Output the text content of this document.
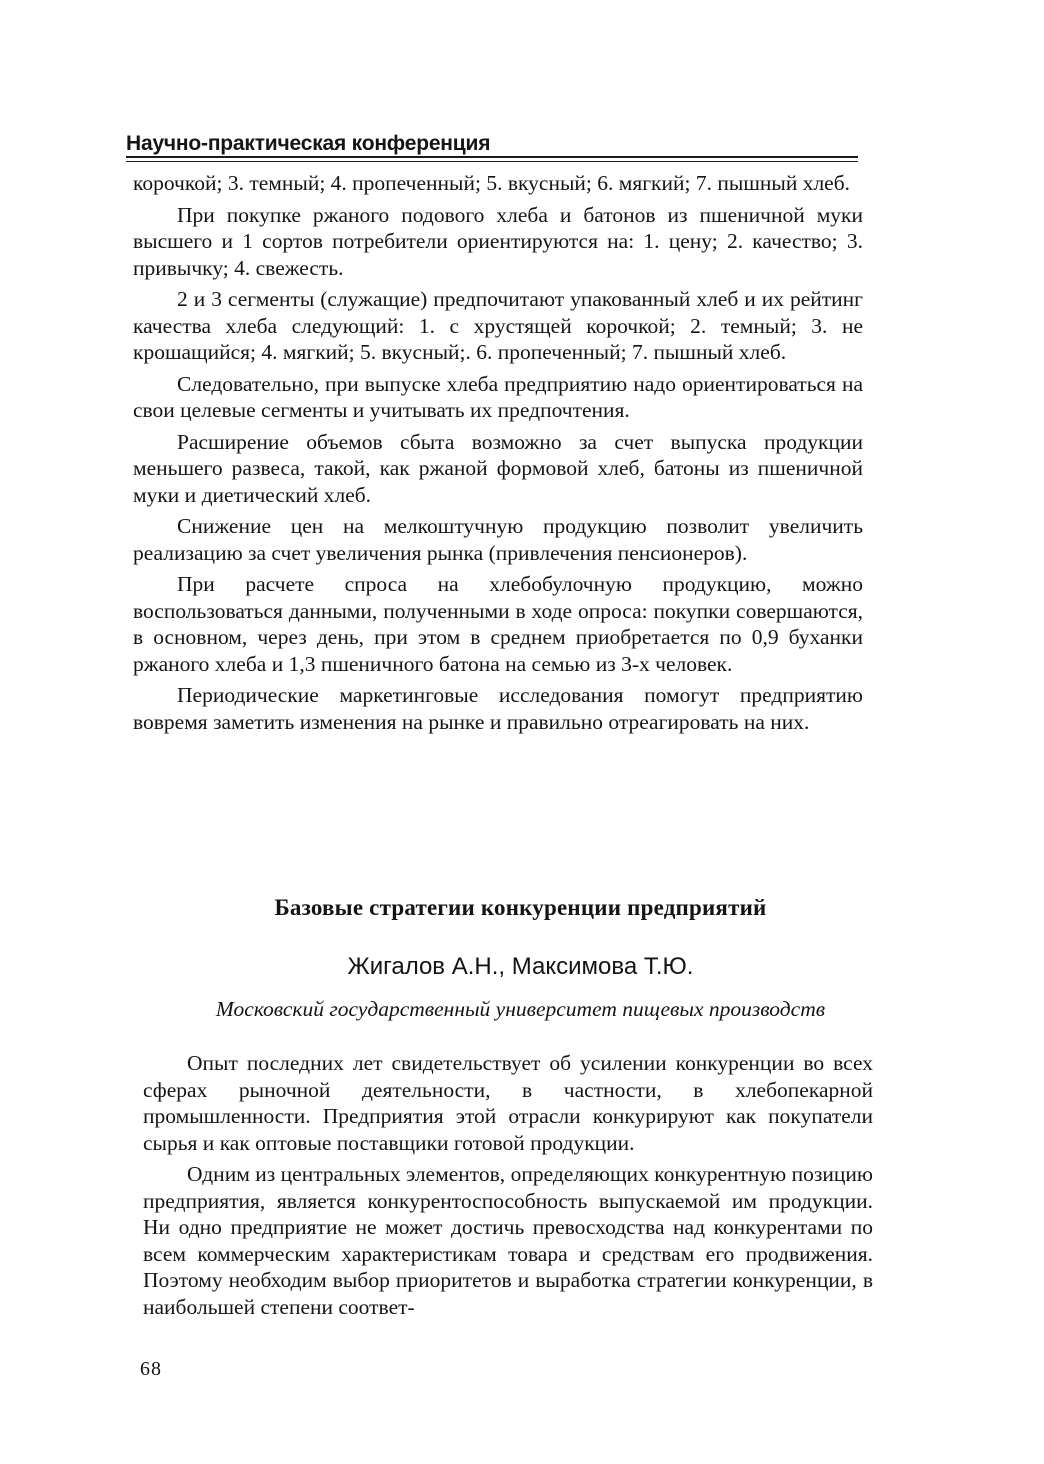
Научно-практическая конференция

корочкой; 3. темный; 4. пропеченный; 5. вкусный; 6. мягкий; 7. пышный хлеб.

При покупке ржаного подового хлеба и батонов из пшеничной муки высшего и 1 сортов потребители ориентируются на: 1. цену; 2. качество; 3. привычку; 4. свежесть.

2 и 3 сегменты (служащие) предпочитают упакованный хлеб и их рейтинг качества хлеба следующий: 1. с хрустящей корочкой; 2. темный; 3. не крошащийся; 4. мягкий; 5. вкусный;. 6. пропеченный; 7. пышный хлеб.

Следовательно, при выпуске хлеба предприятию надо ориентироваться на свои целевые сегменты и учитывать их предпочтения.

Расширение объемов сбыта возможно за счет выпуска продукции меньшего развеса, такой, как ржаной формовой хлеб, батоны из пшеничной муки и диетический хлеб.

Снижение цен на мелкоштучную продукцию позволит увеличить реализацию за счет увеличения рынка (привлечения пенсионеров).

При расчете спроса на хлебобулочную продукцию, можно воспользоваться данными, полученными в ходе опроса: покупки совершаются, в основном, через день, при этом в среднем приобретается по 0,9 буханки ржаного хлеба и 1,3 пшеничного батона на семью из 3-х человек.

Периодические маркетинговые исследования помогут предприятию вовремя заметить изменения на рынке и правильно отреагировать на них.

Базовые стратегии конкуренции предприятий
Жигалов А.Н., Максимова Т.Ю.
Московский государственный университет пищевых производств

Опыт последних лет свидетельствует об усилении конкуренции во всех сферах рыночной деятельности, в частности, в хлебопекарной промышленности. Предприятия этой отрасли конкурируют как покупатели сырья и как оптовые поставщики готовой продукции.

Одним из центральных элементов, определяющих конкурентную позицию предприятия, является конкурентоспособность выпускаемой им продукции. Ни одно предприятие не может достичь превосходства над конкурентами по всем коммерческим характеристикам товара и средствам его продвижения. Поэтому необходим выбор приоритетов и выработка стратегии конкуренции, в наибольшей степени соответ-

68
